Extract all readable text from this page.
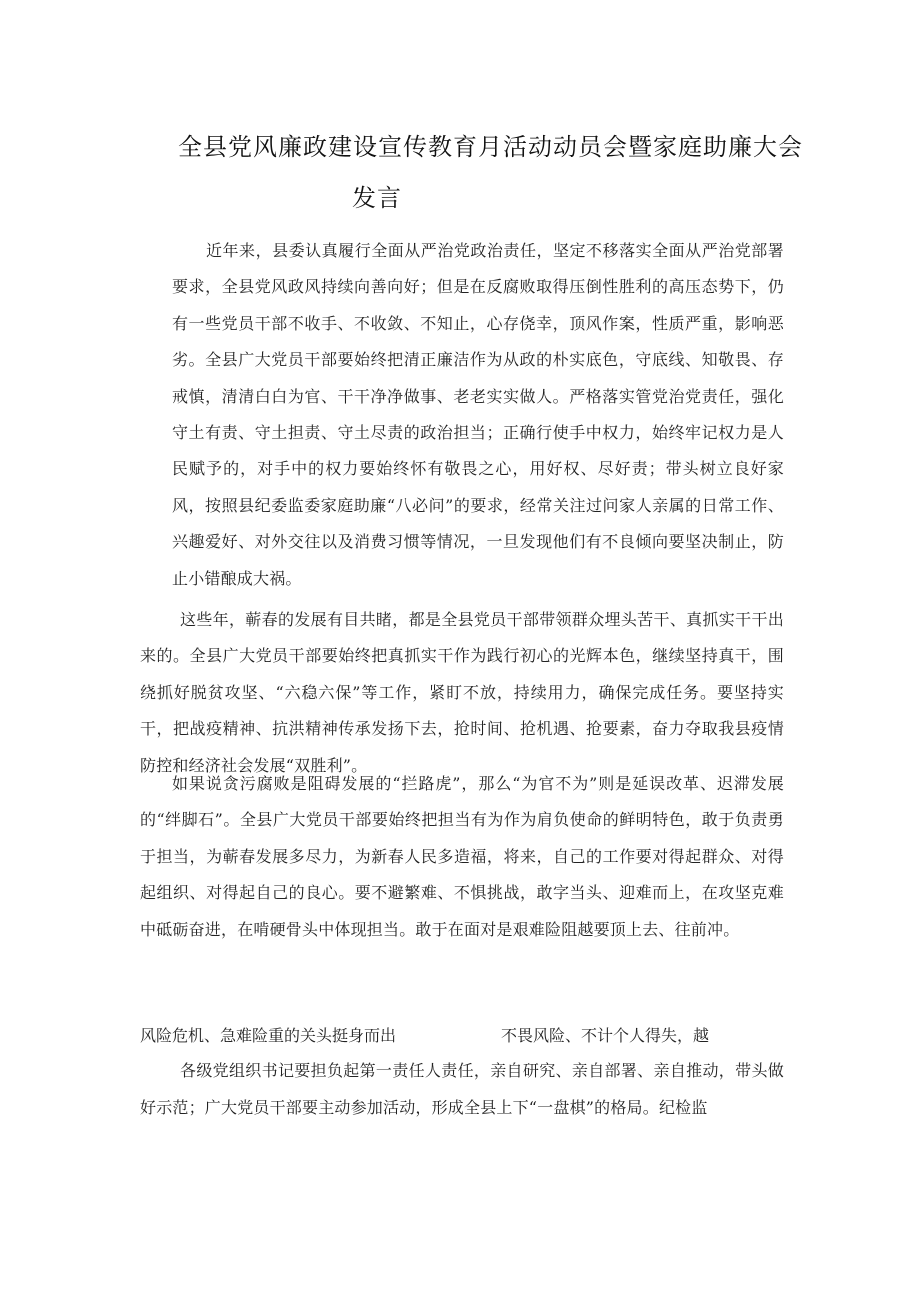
全县党风廉政建设宣传教育月活动动员会暨家庭助廉大会
发言

近年来，县委认真履行全面从严治党政治责任，坚定不移落实全面从严治党部署要求，全县党风政风持续向善向好；但是在反腐败取得压倒性胜利的高压态势下，仍有一些党员干部不收手、不收敛、不知止，心存侥幸，顶风作案，性质严重，影响恶劣。全县广大党员干部要始终把清正廉洁作为从政的朴实底色，守底线、知敬畏、存戒慎，清清白白为官、干干净净做事、老老实实做人。严格落实管党治党责任，强化守土有责、守土担责、守土尽责的政治担当；正确行使手中权力，始终牢记权力是人民赋予的，对手中的权力要始终怀有敬畏之心，用好权、尽好责；带头树立良好家风，按照县纪委监委家庭助廉“八必问”的要求，经常关注过问家人亲属的日常工作、兴趣爱好、对外交往以及消费习惯等情况，一旦发现他们有不良倾向要坚决制止，防止小错酿成大祸。

这些年，蕲春的发展有目共睹，都是全县党员干部带领群众埋头苦干、真抓实干干出来的。全县广大党员干部要始终把真抓实干作为践行初心的光辉本色，继续坚持真干，围绕抓好脱贫攻坚、“六稳六保”等工作，紧盯不放，持续用力，确保完成任务。要坚持实干，把战疫精神、抗洪精神传承发扬下去，抢时间、抢机遇、抢要素，奋力夺取我县疫情防控和经济社会发展“双胜利”。

如果说贪污腐败是阻碍发展的“拦路虎”，那么“为官不为”则是延误改革、迟滞发展的“绊脚石”。全县广大党员干部要始终把担当有为作为肩负使命的鲜明特色，敢于负责勇于担当，为蕲春发展多尽力，为新春人民多造福，将来，自己的工作要对得起群众、对得起组织、对得起自己的良心。要不避繁难、不惧挑战，敢字当头、迎难而上，在攻坚克难中砥砺奋进，在啃硬骨头中体现担当。敢于在面对是艰难险阻越要顶上去、往前冲。

风险危机、急难险重的关头挺身而出	不畏风险、不计个人得失，越

各级党组织书记要担负起第一责任人责任，亲自研究、亲自部署、亲自推动，带头做好示范；广大党员干部要主动参加活动，形成全县上下“一盘棋”的格局。纪检监
